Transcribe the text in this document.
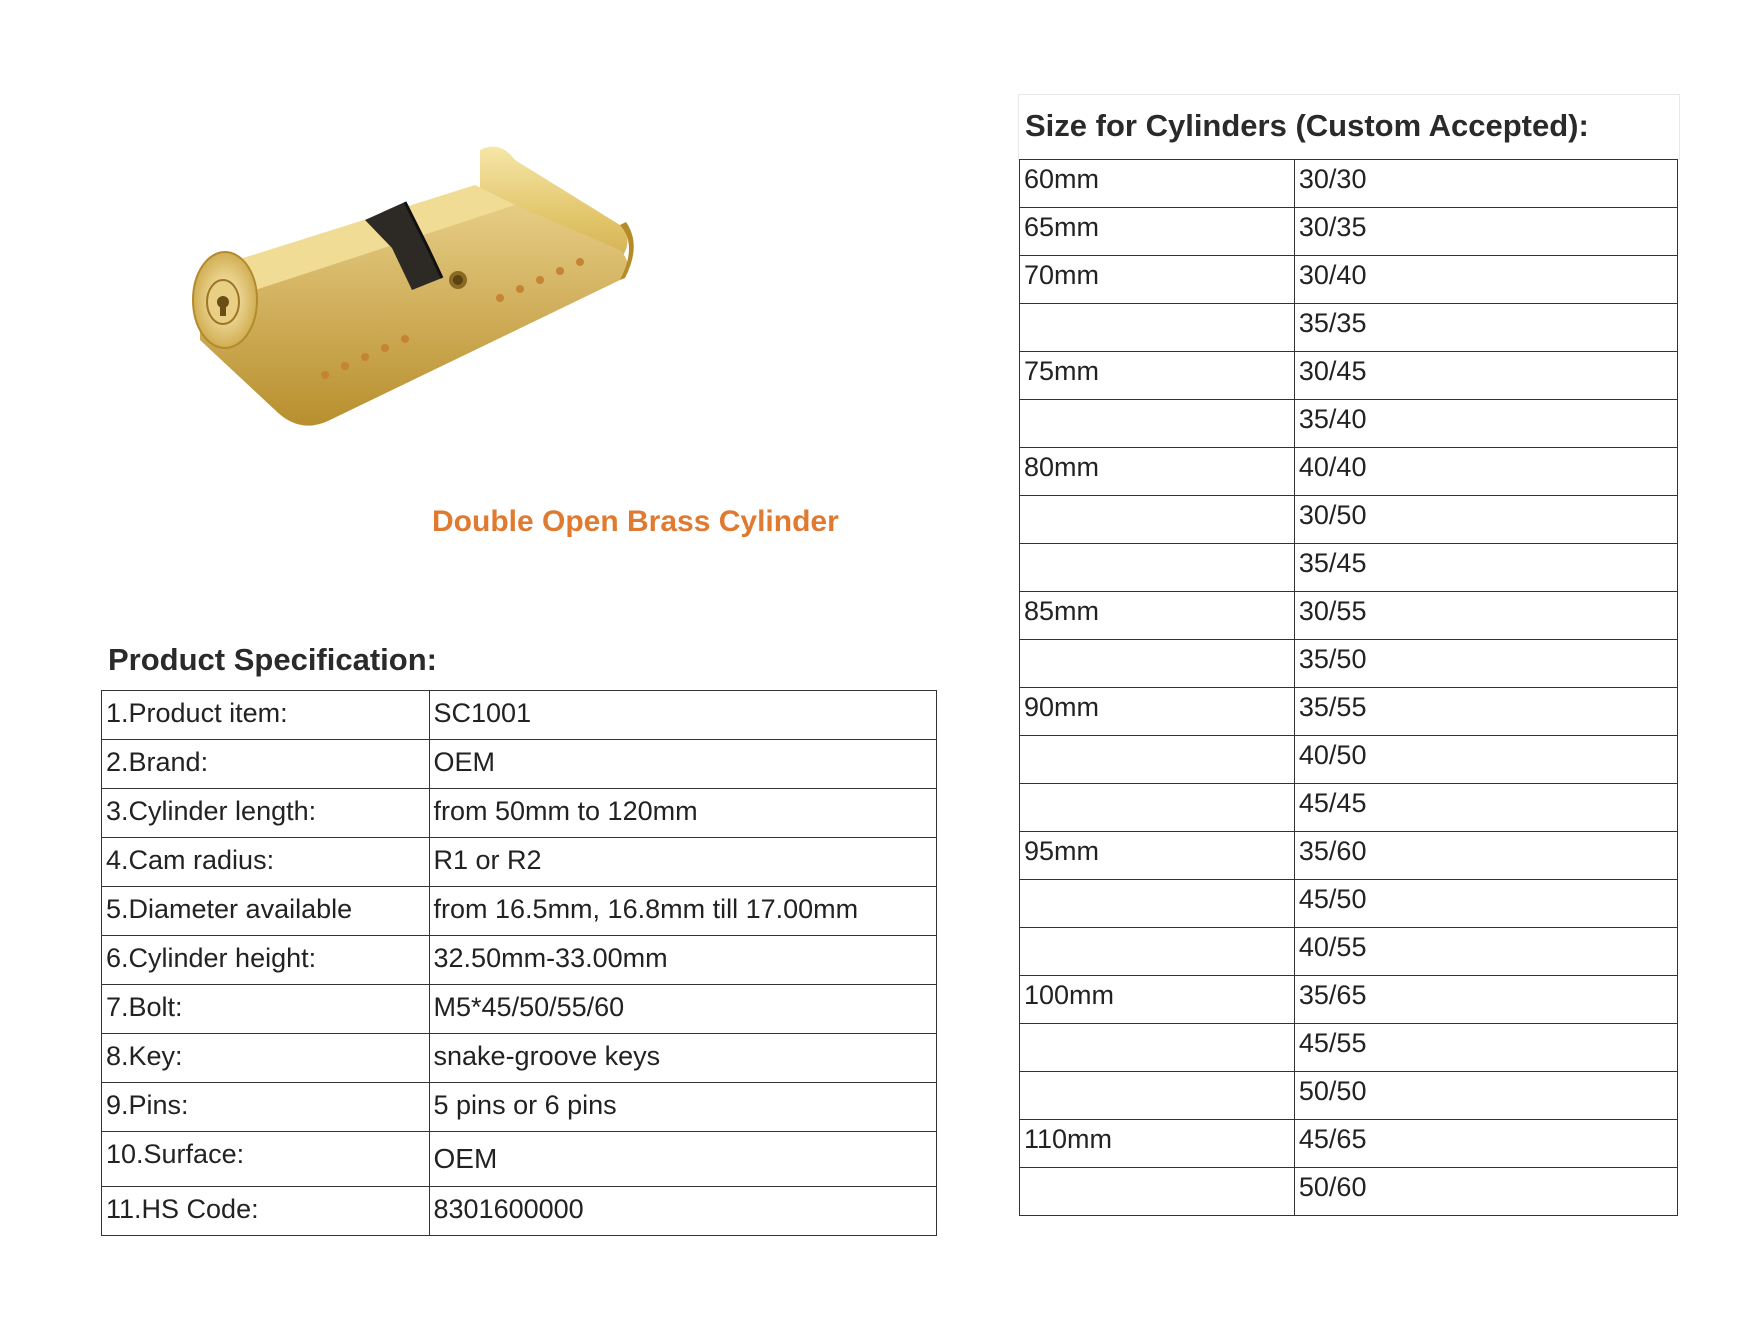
Double Open Brass Cylinder
Product Specification:
1.Product item:	SC1001
2.Brand:	OEM
3.Cylinder length:	from 50mm to 120mm
4.Cam radius:	R1 or R2
5.Diameter available	from 16.5mm, 16.8mm till 17.00mm
6.Cylinder height:	32.50mm-33.00mm
7.Bolt:	M5*45/50/55/60
8.Key:	snake-groove keys
9.Pins:	5 pins or 6 pins
10.Surface:	OEM
11.HS Code:	8301600000
Size for Cylinders (Custom Accepted):
60mm	30/30
65mm	30/35
70mm	30/40
	35/35
75mm	30/45
	35/40
80mm	40/40
	30/50
	35/45
85mm	30/55
	35/50
90mm	35/55
	40/50
	45/45
95mm	35/60
	45/50
	40/55
100mm	35/65
	45/55
	50/50
110mm	45/65
	50/60
